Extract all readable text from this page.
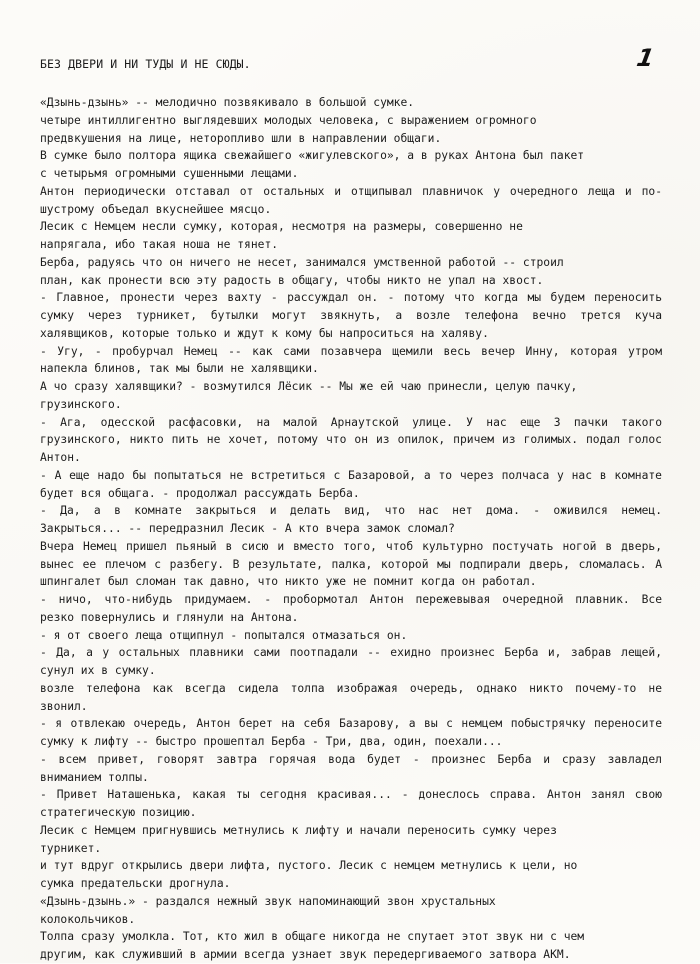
1
БЕЗ ДВЕРИ И НИ ТУДЫ И НЕ СЮДЫ.
«Дзынь-дзынь» -- мелодично позвякивало в большой сумке.
четыре интиллигентно выглядевших молодых человека, с выражением огромного
предвкушения на лице, неторопливо шли в направлении общаги.
В сумке было полтора ящика свежайшего «жигулевского», а в руках Антона был пакет
с четырьмя огромными сушенными лещами.
Антон периодически отставал от остальных и отщипывал плавничок у очередного леща и по-
шустрому объедал вкуснейшее мясцо.
Лесик с Немцем несли сумку, которая, несмотря на размеры, совершенно не
напрягала, ибо такая ноша не тянет.
Берба, радуясь что он ничего не несет, занимался умственной работой -- строил
план, как пронести всю эту радость в общагу, чтобы никто не упал на хвост.
- Главное, пронести через вахту - рассуждал он. - потому что когда мы будем переносить
сумку через турникет, бутылки могут звякнуть, а возле телефона вечно трется куча
халявщиков, которые только и ждут к кому бы напроситься на халяву.
- Угу, - пробурчал Немец -- как сами позавчера щемили весь вечер Инну, которая утром
напекла блинов, так мы были не халявщики.
А чо сразу халявщики? - возмутился Лёсик -- Мы же ей чаю принесли, целую пачку,
грузинского.
- Ага, одесской расфасовки, на малой Арнаутской улице. У нас еще 3 пачки такого
грузинского, никто пить не хочет, потому что он из опилок, причем из голимых. подал голос
Антон.
- А еще надо бы попытаться не встретиться с Базаровой, а то через полчаса у нас в комнате
будет вся общага. - продолжал рассуждать Берба.
- Да, а в комнате закрыться и делать вид, что нас нет дома. - оживился немец.
Закрыться... -- передразнил Лесик - А кто вчера замок сломал?
Вчера Немец пришел пьяный в сисю и вместо того, чтоб культурно постучать ногой в дверь,
вынес ее плечом с разбегу. В результате, палка, которой мы подпирали дверь, сломалась. А
шпингалет был сломан так давно, что никто уже не помнит когда он работал.
- ничо, что-нибудь придумаем. - пробормотал Антон пережевывая очередной плавник. Все
резко повернулись и глянули на Антона.
- я от своего леща отщипнул - попытался отмазаться он.
- Да, а у остальных плавники сами поотпадали -- ехидно произнес Берба и, забрав лещей,
сунул их в сумку.
возле телефона как всегда сидела толпа изображая очередь, однако никто почему-то не
звонил.
- я отвлекаю очередь, Антон берет на себя Базарову, а вы с немцем побыстрячку переносите
сумку к лифту -- быстро прошептал Берба - Три, два, один, поехали...
- всем привет, говорят завтра горячая вода будет - произнес Берба и сразу завладел
вниманием толпы.
- Привет Наташенька, какая ты сегодня красивая... - донеслось справа. Антон занял свою
стратегическую позицию.
Лесик с Немцем пригнувшись метнулись к лифту и начали переносить сумку через
турникет.
и тут вдруг открылись двери лифта, пустого. Лесик с немцем метнулись к цели, но
сумка предательски дрогнула.
«Дзынь-дзынь.» - раздался нежный звук напоминающий звон хрустальных
колокольчиков.
Толпа сразу умолкла. Тот, кто жил в общаге никогда не спутает этот звук ни с чем
другим, как служивший в армии всегда узнает звук передергиваемого затвора АКМ.
